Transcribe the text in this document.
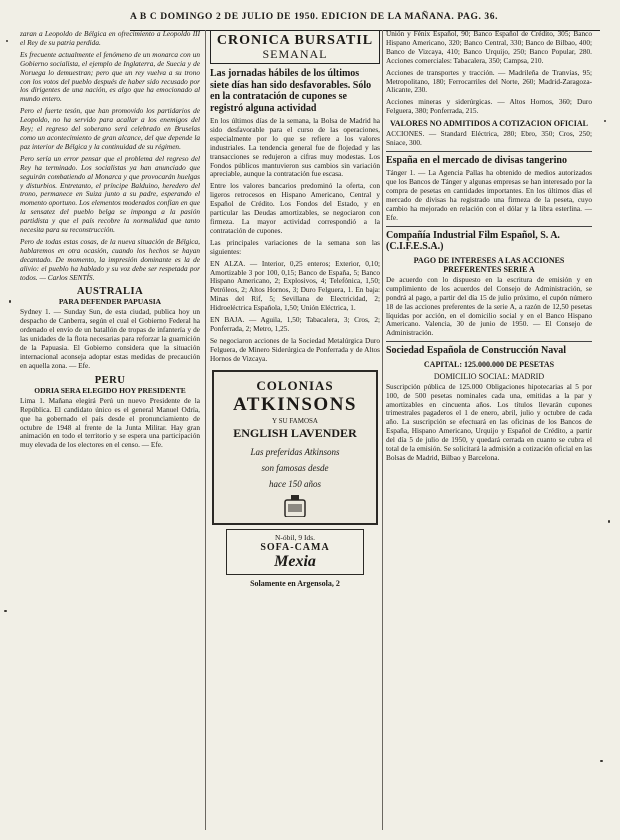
A B C DOMINGO 2 DE JULIO DE 1950. EDICION DE LA MAÑANA. PAG. 36.

zaran a Leopoldo de Bélgica en ofrecimiento a Leopoldo III el Rey de su patria perdida.

Es frecuente actualmente el fenómeno de un monarca con un Gobierno socialista, el ejemplo de Inglaterra, de Suecia y de Noruega lo demuestran; pero que un rey vuelva a su trono con los votos del pueblo después de haber sido recusado por los dirigentes de una nación, es algo que ha emocionado al mundo entero.

Pero el fuerte tesón, que han promovido los partidarios de Leopoldo, no ha servido para acallar a los enemigos del Rey; el regreso del soberano será celebrado en Bruselas como un acontecimiento de gran alcance, del que depende la paz interior de Bélgica y la continuidad de su régimen.

Pero sería un error pensar que el problema del regreso del Rey ha terminado. Los socialistas ya han anunciado que seguirán combatiendo al Monarca y que provocarán huelgas y disturbios. Entretanto, el príncipe Balduino, heredero del trono, permanece en Suiza junto a su padre, esperando el momento oportuno. Los elementos moderados confían en que la sensatez del pueblo belga se imponga a la pasión partidista y que el país recobre la normalidad que tanto necesita para su reconstrucción.

Pero de todas estas cosas, de la nueva situación de Bélgica, hablaremos en otra ocasión, cuando los hechos se hayan decantado. De momento, la impresión dominante es la de alivio: el pueblo ha hablado y su voz debe ser respetada por todos. — Carlos SENTÍS.

AUSTRALIA
PARA DEFENDER PAPUASIA

Sydney 1. — Sunday Sun, de esta ciudad, publica hoy un despacho de Canberra, según el cual el Gobierno Federal ha ordenado el envío de un batallón de tropas de infantería y de las unidades de la flota necesarias para reforzar la guarnición de la Papuasia. El Gobierno considera que la situación internacional aconseja adoptar estas medidas de precaución en aquella zona. — Efe.

PERU
ODRIA SERA ELEGIDO HOY PRESIDENTE

Lima 1. Mañana elegirá Perú un nuevo Presidente de la República. El candidato único es el general Manuel Odría, que ha gobernado el país desde el pronunciamiento de octubre de 1948 al frente de la Junta Militar. Hay gran animación en todo el territorio y se espera una participación muy elevada de los electores en el censo. — Efe.

CRONICA BURSATIL
SEMANAL
Las jornadas hábiles de los últimos siete días han sido desfavorables. Sólo en la contratación de cupones se registró alguna actividad

En los últimos días de la semana, la Bolsa de Madrid ha sido desfavorable para el curso de las operaciones, especialmente por lo que se refiere a los valores industriales. La tendencia general fue de flojedad y las transacciones se redujeron a cifras muy modestas. Los Fondos públicos mantuvieron sus cambios sin variación apreciable, aunque la contratación fue escasa.

Entre los valores bancarios predominó la oferta, con ligeros retrocesos en Hispano Americano, Central y Español de Crédito. Los Fondos del Estado, y en particular las Deudas amortizables, se negociaron con firmeza. La mayor actividad correspondió a la contratación de cupones.

Las principales variaciones de la semana son las siguientes:

EN ALZA. — Interior, 0,25 enteros; Exterior, 0,10; Amortizable 3 por 100, 0,15; Banco de España, 5; Banco Hispano Americano, 2; Explosivos, 4; Telefónica, 1,50; Petróleos, 2; Altos Hornos, 3; Duro Felguera, 1. En baja: Minas del Rif, 5; Sevillana de Electricidad, 2; Hidroeléctrica Española, 1,50; Unión Eléctrica, 1.

EN BAJA. — Aguila, 1,50; Tabacalera, 3; Cros, 2; Ponferrada, 2; Metro, 1,25.

Se negociaron acciones de la Sociedad Metalúrgica Duro Felguera, de Minero Siderúrgica de Ponferrada y de Altos Hornos de Vizcaya.

COLONIAS
ATKINSONS
Y SU FAMOSA
ENGLISH LAVENDER
Las preferidas Atkinsons
son famosas desde
hace 150 años
N-óbil, 9 Ids.
SOFA-CAMA
Mexia
Solamente en Argensola, 2

Unión y Fénix Español, 90; Banco Español de Crédito, 305; Banco Hispano Americano, 320; Banco Central, 330; Banco de Bilbao, 400; Banco de Vizcaya, 410; Banco Urquijo, 250; Banco Popular, 280. Acciones comerciales: Tabacalera, 350; Campsa, 210.

Acciones de transportes y tracción. — Madrileña de Tranvías, 95; Metropolitano, 180; Ferrocarriles del Norte, 260; Madrid-Zaragoza-Alicante, 230.

Acciones mineras y siderúrgicas. — Altos Hornos, 360; Duro Felguera, 380; Ponferrada, 215.

VALORES NO ADMITIDOS A COTIZACION OFICIAL

ACCIONES. — Standard Eléctrica, 280; Ebro, 350; Cros, 250; Sniace, 300.

España en el mercado de divisas tangerino

Tánger 1. — La Agencia Pallas ha obtenido de medios autorizados que los Bancos de Tánger y algunas empresas se han interesado por la compra de pesetas en cantidades importantes. En los últimos días el mercado de divisas ha registrado una firmeza de la peseta, cuyo cambio ha mejorado en relación con el dólar y la libra esterlina. — Efe.

Compañía Industrial Film Español, S. A. (C.I.F.E.S.A.)
PAGO DE INTERESES A LAS ACCIONES PREFERENTES SERIE A

De acuerdo con lo dispuesto en la escritura de emisión y en cumplimiento de los acuerdos del Consejo de Administración, se pondrá al pago, a partir del día 15 de julio próximo, el cupón número 18 de las acciones preferentes de la serie A, a razón de 12,50 pesetas líquidas por acción, en el domicilio social y en el Banco Hispano Americano. Valencia, 30 de junio de 1950. — El Consejo de Administración.

Sociedad Española de Construcción Naval
CAPITAL: 125.000.000 DE PESETAS
DOMICILIO SOCIAL: MADRID

Suscripción pública de 125.000 Obligaciones hipotecarias al 5 por 100, de 500 pesetas nominales cada una, emitidas a la par y amortizables en cincuenta años. Los títulos llevarán cupones trimestrales pagaderos el 1 de enero, abril, julio y octubre de cada año. La suscripción se efectuará en las oficinas de los Bancos de España, Hispano Americano, Urquijo y Español de Crédito, a partir del día 5 de julio de 1950, y quedará cerrada en cuanto se cubra el total de la emisión. Se solicitará la admisión a cotización oficial en las Bolsas de Madrid, Bilbao y Barcelona.
